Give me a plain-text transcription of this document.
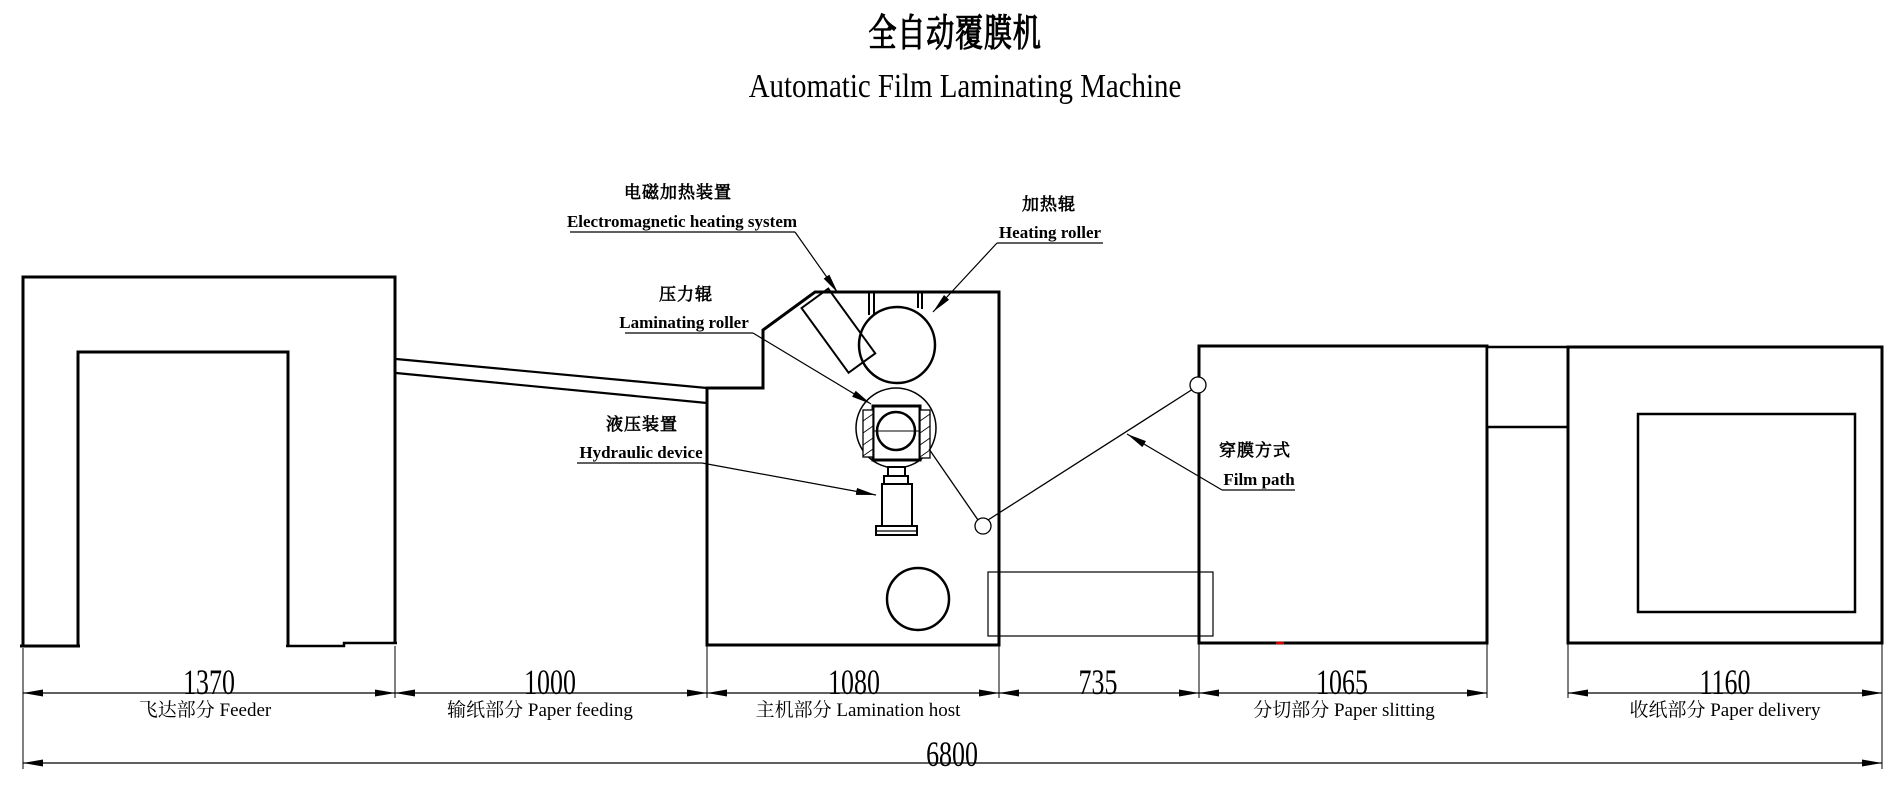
全自动覆膜机
Automatic Film Laminating Machine
电磁加热装置
Electromagnetic heating system
加热辊
Heating roller
压力辊
Laminating roller
液压装置
Hydraulic device	穿膜方式
Film path
1370	1000	1080	735	1065	1160
飞达部分 Feeder	输纸部分 Paper feeding	主机部分 Lamination host	分切部分 Paper slitting	收纸部分 Paper delivery
6800
